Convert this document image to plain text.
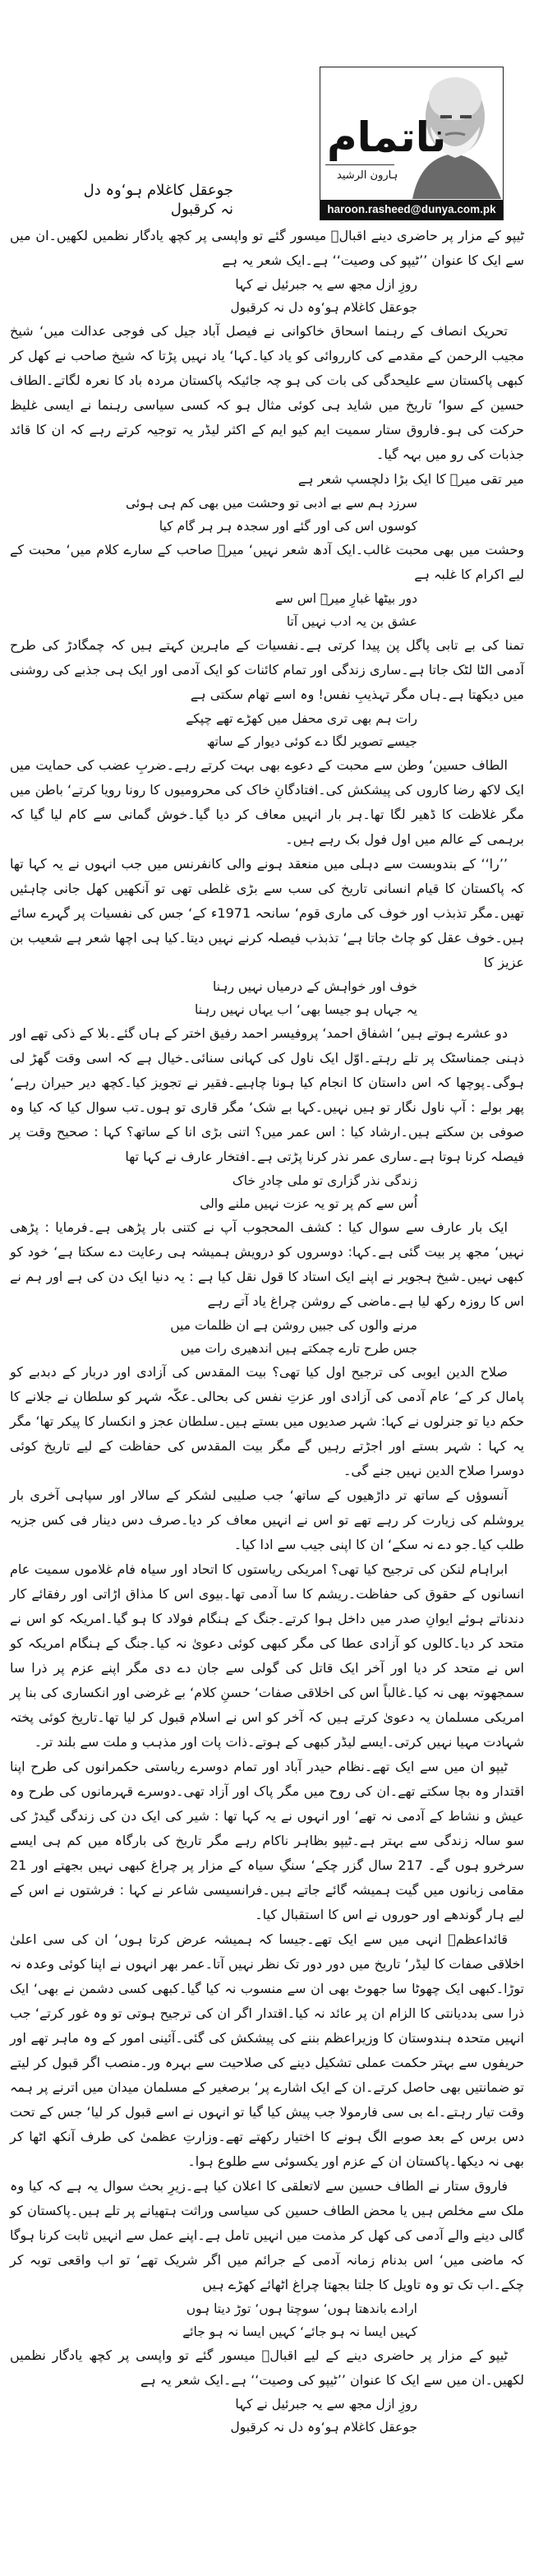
ناتمام
ہارون الرشید
haroon.rasheed@dunya.com.pk
جوعقل کاغلام ہو‘وہ دل نہ کرقبول

ٹیپو کے مزار پر حاضری دینے اقبالؔ میسور گئے تو واپسی پر کچھ یادگار نظمیں لکھیں۔ان میں سے ایک کا عنوان ’’ٹیپو کی وصیت‘‘ ہے۔ایک شعر یہ ہے

روزِ ازل مجھ سے یہ جبرئیل نے کہا

جوعقل کاغلام ہو‘وہ دل نہ کرقبول

تحریک انصاف کے رہنما اسحاق خاکوانی نے فیصل آباد جیل کی فوجی عدالت میں‘ شیخ مجیب الرحمن کے مقدمے کی کارروائی کو یاد کیا۔کہا‘ یاد نہیں پڑتا کہ شیخ صاحب نے کھل کر کبھی پاکستان سے علیحدگی کی بات کی ہو چہ جائیکہ پاکستان مردہ باد کا نعرہ لگاتے۔الطاف حسین کے سوا‘ تاریخ میں شاید ہی کوئی مثال ہو کہ کسی سیاسی رہنما نے ایسی غلیظ حرکت کی ہو۔فاروق ستار سمیت ایم کیو ایم کے اکثر لیڈر یہ توجیہ کرتے رہے کہ ان کا قائد جذبات کی رو میں بہہ گیا۔

میر تقی میرؔ کا ایک بڑا دلچسپ شعر ہے

سرزد ہم سے بے ادبی تو وحشت میں بھی کم ہی ہوئی

کوسوں اس کی اور گئے اور سجدہ ہر ہر گام کیا

وحشت میں بھی محبت غالب۔ایک آدھ شعر نہیں‘ میرؔ صاحب کے سارے کلام میں‘ محبت کے لیے اکرام کا غلبہ ہے

دور بیٹھا غبارِ میرؔ اس سے

عشق بن یہ ادب نہیں آتا

تمنا کی بے تابی پاگل پن پیدا کرتی ہے۔نفسیات کے ماہرین کہتے ہیں کہ چمگادڑ کی طرح آدمی الٹا لٹک جاتا ہے۔ساری زندگی اور تمام کائنات کو ایک آدمی اور ایک ہی جذبے کی روشنی میں دیکھتا ہے۔ہاں مگر تہذیبِ نفس! وہ اسے تھام سکتی ہے

رات ہم بھی تری محفل میں کھڑے تھے چپکے

جیسے تصویر لگا دے کوئی دیوار کے ساتھ

الطاف حسین‘ وطن سے محبت کے دعوے بھی بہت کرتے رہے۔ضربِ عضب کی حمایت میں ایک لاکھ رضا کاروں کی پیشکش کی۔افتادگانِ خاک کی محرومیوں کا رونا رویا کرتے‘ باطن میں مگر غلاظت کا ڈھیر لگا تھا۔ہر بار انہیں معاف کر دیا گیا۔خوش گمانی سے کام لیا گیا کہ برہمی کے عالم میں اول فول بک رہے ہیں۔

’’را‘‘ کے بندوبست سے دہلی میں منعقد ہونے والی کانفرنس میں جب انہوں نے یہ کہا تھا کہ پاکستان کا قیام انسانی تاریخ کی سب سے بڑی غلطی تھی تو آنکھیں کھل جانی چاہئیں تھیں۔مگر تذبذب اور خوف کی ماری قوم‘ سانحہ 1971ء کے‘ جس کی نفسیات پر گہرے سائے ہیں۔خوف عقل کو چاٹ جاتا ہے‘ تذبذب فیصلہ کرنے نہیں دیتا۔کیا ہی اچھا شعر ہے شعیب بن عزیز کا

خوف اور خواہش کے درمیاں نہیں رہنا

یہ جہاں ہو جیسا بھی‘ اب یہاں نہیں رہنا

دو عشرے ہوتے ہیں‘ اشفاق احمد‘ پروفیسر احمد رفیق اختر کے ہاں گئے۔بلا کے ذکی تھے اور ذہنی جمناسٹک پر تلے رہتے۔اوّل ایک ناول کی کہانی سنائی۔خیال ہے کہ اسی وقت گھڑ لی ہوگی۔پوچھا کہ اس داستان کا انجام کیا ہونا چاہیے۔فقیر نے تجویز کیا۔کچھ دیر حیران رہے‘ پھر بولے : آپ ناول نگار تو ہیں نہیں۔کہا بے شک‘ مگر قاری تو ہوں۔تب سوال کیا کہ کیا وہ صوفی بن سکتے ہیں۔ارشاد کیا : اس عمر میں؟ اتنی بڑی انا کے ساتھ؟ کہا : صحیح وقت پر فیصلہ کرنا ہوتا ہے۔ساری عمر نذر کرنا پڑتی ہے۔افتخار عارف نے کہا تھا

زندگی نذر گزاری تو ملی چادرِ خاک

اُس سے کم پر تو یہ عزت نہیں ملنے والی

ایک بار عارف سے سوال کیا : کشف المحجوب آپ نے کتنی بار پڑھی ہے۔فرمایا : پڑھی نہیں‘ مجھ پر بیت گئی ہے۔کہا: دوسروں کو درویش ہمیشہ ہی رعایت دے سکتا ہے‘ خود کو کبھی نہیں۔شیخ ہجویر نے اپنے ایک استاد کا قول نقل کیا ہے : یہ دنیا ایک دن کی ہے اور ہم نے اس کا روزہ رکھ لیا ہے۔ماضی کے روشن چراغ یاد آتے رہے

مرنے والوں کی جبیں روشن ہے ان ظلمات میں

جس طرح تارے چمکتے ہیں اندھیری رات میں

صلاح الدین ایوبی کی ترجیح اول کیا تھی؟ بیت المقدس کی آزادی اور دربار کے دبدبے کو پامال کر کے‘ عام آدمی کی آزادی اور عزتِ نفس کی بحالی۔عکّہ شہر کو سلطان نے جلانے کا حکم دیا تو جنرلوں نے کہا: شہر صدیوں میں بستے ہیں۔سلطان عجز و انکسار کا پیکر تھا‘ مگر یہ کہا : شہر بستے اور اجڑتے رہیں گے مگر بیت المقدس کی حفاظت کے لیے تاریخ کوئی دوسرا صلاح الدین نہیں جنے گی۔

آنسوؤں کے ساتھ تر داڑھیوں کے ساتھ‘ جب صلیبی لشکر کے سالار اور سپاہی آخری بار یروشلم کی زیارت کر رہے تھے تو اس نے انہیں معاف کر دیا۔صرف دس دینار فی کس جزیہ طلب کیا۔جو دے نہ سکے‘ ان کا اپنی جیب سے ادا کیا۔

ابراہام لنکن کی ترجیح کیا تھی؟ امریکی ریاستوں کا اتحاد اور سیاہ فام غلاموں سمیت عام انسانوں کے حقوق کی حفاظت۔ریشم کا سا آدمی تھا۔بیوی اس کا مذاق اڑاتی اور رفقائے کار دندناتے ہوئے ایوانِ صدر میں داخل ہوا کرتے۔جنگ کے ہنگام فولاد کا ہو گیا۔امریکہ کو اس نے متحد کر دیا۔کالوں کو آزادی عطا کی مگر کبھی کوئی دعویٰ نہ کیا۔جنگ کے ہنگام امریکہ کو اس نے متحد کر دیا اور آخر ایک قاتل کی گولی سے جان دے دی مگر اپنے عزم پر ذرا سا سمجھوتہ بھی نہ کیا۔غالباً اس کی اخلاقی صفات‘ حسنِ کلام‘ بے غرضی اور انکساری کی بنا پر امریکی مسلمان یہ دعویٰ کرتے ہیں کہ آخر کو اس نے اسلام قبول کر لیا تھا۔تاریخ کوئی پختہ شہادت مہیا نہیں کرتی۔ایسے لیڈر کبھی کے ہوتے۔ذات پات اور مذہب و ملت سے بلند تر۔

ٹیپو ان میں سے ایک تھے۔نظام حیدر آباد اور تمام دوسرے ریاستی حکمرانوں کی طرح اپنا اقتدار وہ بچا سکتے تھے۔ان کی روح میں مگر پاک اور آزاد تھی۔دوسرے قہرمانوں کی طرح وہ عیش و نشاط کے آدمی نہ تھے‘ اور انہوں نے یہ کہا تھا : شیر کی ایک دن کی زندگی گیدڑ کی سو سالہ زندگی سے بہتر ہے۔ٹیپو بظاہر ناکام رہے مگر تاریخ کی بارگاہ میں کم ہی ایسے سرخرو ہوں گے۔ 217 سال گزر چکے‘ سنگِ سیاہ کے مزار پر چراغ کبھی نہیں بجھتے اور 21 مقامی زبانوں میں گیت ہمیشہ گائے جاتے ہیں۔فرانسیسی شاعر نے کہا : فرشتوں نے اس کے لیے ہار گوندھے اور حوروں نے اس کا استقبال کیا۔

قائداعظمؒ انہی میں سے ایک تھے۔جیسا کہ ہمیشہ عرض کرتا ہوں‘ ان کی سی اعلیٰ اخلاقی صفات کا لیڈر‘ تاریخ میں دور دور تک نظر نہیں آتا۔عمر بھر انہوں نے اپنا کوئی وعدہ نہ توڑا۔کبھی ایک چھوٹا سا جھوٹ بھی ان سے منسوب نہ کیا گیا۔کبھی کسی دشمن نے بھی‘ ایک ذرا سی بددیانتی کا الزام ان پر عائد نہ کیا۔اقتدار اگر ان کی ترجیح ہوتی تو وہ غور کرتے‘ جب انہیں متحدہ ہندوستان کا وزیراعظم بننے کی پیشکش کی گئی۔آئینی امور کے وہ ماہر تھے اور حریفوں سے بہتر حکمت عملی تشکیل دینے کی صلاحیت سے بہرہ ور۔منصب اگر قبول کر لیتے تو ضمانتیں بھی حاصل کرتے۔ان کے ایک اشارے پر‘ برصغیر کے مسلمان میدان میں اترنے پر ہمہ وقت تیار رہتے۔اے بی سی فارمولا جب پیش کیا گیا تو انہوں نے اسے قبول کر لیا‘ جس کے تحت دس برس کے بعد صوبے الگ ہونے کا اختیار رکھتے تھے۔وزارتِ عظمیٰ کی طرف آنکھ اٹھا کر بھی نہ دیکھا۔پاکستان ان کے عزم اور یکسوئی سے طلوع ہوا۔

فاروق ستار نے الطاف حسین سے لاتعلقی کا اعلان کیا ہے۔زیرِ بحث سوال یہ ہے کہ کیا وہ ملک سے مخلص ہیں یا محض الطاف حسین کی سیاسی وراثت ہتھیانے پر تلے ہیں۔پاکستان کو گالی دینے والے آدمی کی کھل کر مذمت میں انہیں تامل ہے۔اپنے عمل سے انہیں ثابت کرنا ہوگا کہ ماضی میں‘ اس بدنام زمانہ آدمی کے جرائم میں اگر شریک تھے‘ تو اب واقعی توبہ کر چکے۔اب تک تو وہ تاویل کا جلتا بجھتا چراغ اٹھائے کھڑے ہیں

ارادے باندھتا ہوں‘ سوچتا ہوں‘ توڑ دیتا ہوں

کہیں ایسا نہ ہو جائے‘ کہیں ایسا نہ ہو جائے

ٹیپو کے مزار پر حاضری دینے کے لیے اقبالؔ میسور گئے تو واپسی پر کچھ یادگار نظمیں لکھیں۔ان میں سے ایک کا عنوان ’’ٹیپو کی وصیت‘‘ ہے۔ایک شعر یہ ہے

روزِ ازل مجھ سے یہ جبرئیل نے کہا

جوعقل کاغلام ہو‘وہ دل نہ کرقبول
